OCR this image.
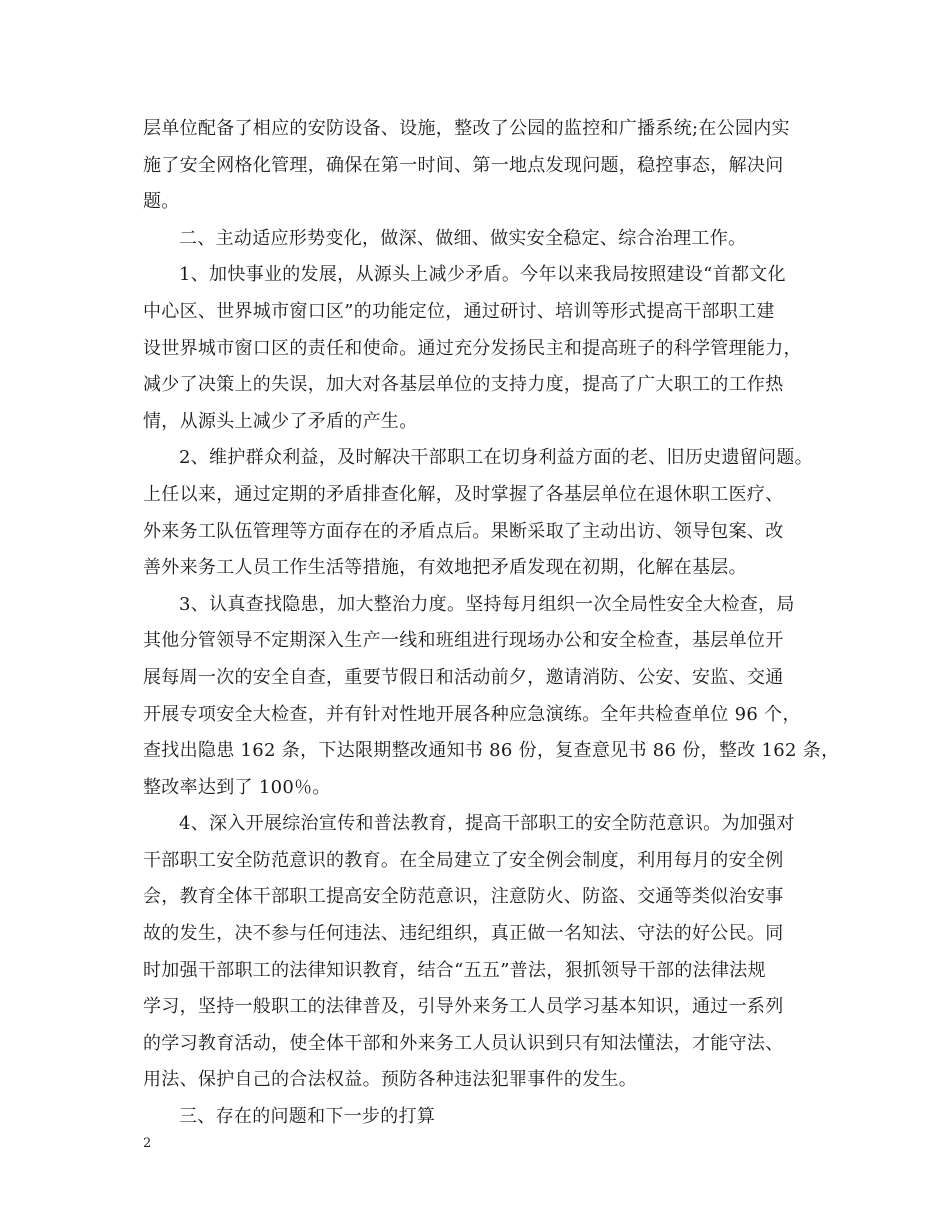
层单位配备了相应的安防设备、设施，整改了公园的监控和广播系统;在公园内实
施了安全网格化管理，确保在第一时间、第一地点发现问题，稳控事态，解决问
题。

二、主动适应形势变化，做深、做细、做实安全稳定、综合治理工作。

1、加快事业的发展，从源头上减少矛盾。今年以来我局按照建设“首都文化
中心区、世界城市窗口区”的功能定位，通过研讨、培训等形式提高干部职工建
设世界城市窗口区的责任和使命。通过充分发扬民主和提高班子的科学管理能力，
减少了决策上的失误，加大对各基层单位的支持力度，提高了广大职工的工作热
情，从源头上减少了矛盾的产生。

2、维护群众利益，及时解决干部职工在切身利益方面的老、旧历史遗留问题。
上任以来，通过定期的矛盾排查化解，及时掌握了各基层单位在退休职工医疗、
外来务工队伍管理等方面存在的矛盾点后。果断采取了主动出访、领导包案、改
善外来务工人员工作生活等措施，有效地把矛盾发现在初期，化解在基层。

3、认真查找隐患，加大整治力度。坚持每月组织一次全局性安全大检查，局
其他分管领导不定期深入生产一线和班组进行现场办公和安全检查，基层单位开
展每周一次的安全自查，重要节假日和活动前夕，邀请消防、公安、安监、交通
开展专项安全大检查，并有针对性地开展各种应急演练。全年共检查单位 96 个，
查找出隐患 162 条，下达限期整改通知书 86 份，复查意见书 86 份，整改 162 条，
整改率达到了 100％。

4、深入开展综治宣传和普法教育，提高干部职工的安全防范意识。为加强对
干部职工安全防范意识的教育。在全局建立了安全例会制度，利用每月的安全例
会，教育全体干部职工提高安全防范意识，注意防火、防盗、交通等类似治安事
故的发生，决不参与任何违法、违纪组织，真正做一名知法、守法的好公民。同
时加强干部职工的法律知识教育，结合“五五”普法，狠抓领导干部的法律法规
学习，坚持一般职工的法律普及，引导外来务工人员学习基本知识，通过一系列
的学习教育活动，使全体干部和外来务工人员认识到只有知法懂法，才能守法、
用法、保护自己的合法权益。预防各种违法犯罪事件的发生。

三、存在的问题和下一步的打算

2
